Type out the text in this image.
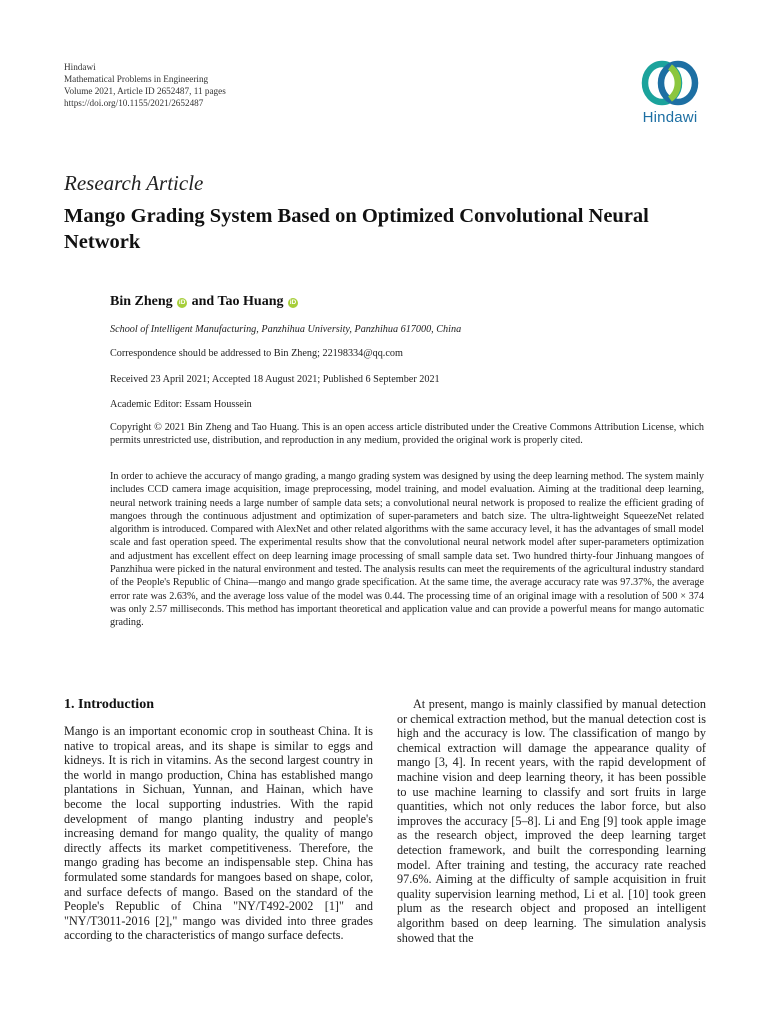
Hindawi
Mathematical Problems in Engineering
Volume 2021, Article ID 2652487, 11 pages
https://doi.org/10.1155/2021/2652487
Hindawi
Research Article
Mango Grading System Based on Optimized Convolutional Neural Network
Bin Zheng iD and Tao Huang iD
School of Intelligent Manufacturing, Panzhihua University, Panzhihua 617000, China
Correspondence should be addressed to Bin Zheng; 22198334@qq.com
Received 23 April 2021; Accepted 18 August 2021; Published 6 September 2021
Academic Editor: Essam Houssein
Copyright © 2021 Bin Zheng and Tao Huang. This is an open access article distributed under the Creative Commons Attribution License, which permits unrestricted use, distribution, and reproduction in any medium, provided the original work is properly cited.

In order to achieve the accuracy of mango grading, a mango grading system was designed by using the deep learning method. The system mainly includes CCD camera image acquisition, image preprocessing, model training, and model evaluation. Aiming at the traditional deep learning, neural network training needs a large number of sample data sets; a convolutional neural network is proposed to realize the efficient grading of mangoes through the continuous adjustment and optimization of super-parameters and batch size. The ultra-lightweight SqueezeNet related algorithm is introduced. Compared with AlexNet and other related algorithms with the same accuracy level, it has the advantages of small model scale and fast operation speed. The experimental results show that the convolutional neural network model after super-parameters optimization and adjustment has excellent effect on deep learning image processing of small sample data set. Two hundred thirty-four Jinhuang mangoes of Panzhihua were picked in the natural environment and tested. The analysis results can meet the requirements of the agricultural industry standard of the People's Republic of China—mango and mango grade specification. At the same time, the average accuracy rate was 97.37%, the average error rate was 2.63%, and the average loss value of the model was 0.44. The processing time of an original image with a resolution of 500 × 374 was only 2.57 milliseconds. This method has important theoretical and application value and can provide a powerful means for mango automatic grading.

1. Introduction

Mango is an important economic crop in southeast China. It is native to tropical areas, and its shape is similar to eggs and kidneys. It is rich in vitamins. As the second largest country in the world in mango production, China has established mango plantations in Sichuan, Yunnan, and Hainan, which have become the local supporting industries. With the rapid development of mango planting industry and people's increasing demand for mango quality, the quality of mango directly affects its market competitiveness. Therefore, the mango grading has become an indispensable step. China has formulated some standards for mangoes based on shape, color, and surface defects of mango. Based on the standard of the People's Republic of China "NY/T492-2002 [1]" and "NY/T3011-2016 [2]," mango was divided into three grades according to the characteristics of mango surface defects.

At present, mango is mainly classified by manual detection or chemical extraction method, but the manual detection cost is high and the accuracy is low. The classification of mango by chemical extraction will damage the appearance quality of mango [3, 4]. In recent years, with the rapid development of machine vision and deep learning theory, it has been possible to use machine learning to classify and sort fruits in large quantities, which not only reduces the labor force, but also improves the accuracy [5–8]. Li and Eng [9] took apple image as the research object, improved the deep learning target detection framework, and built the corresponding learning model. After training and testing, the accuracy rate reached 97.6%. Aiming at the difficulty of sample acquisition in fruit quality supervision learning method, Li et al. [10] took green plum as the research object and proposed an intelligent algorithm based on deep learning. The simulation analysis showed that the
